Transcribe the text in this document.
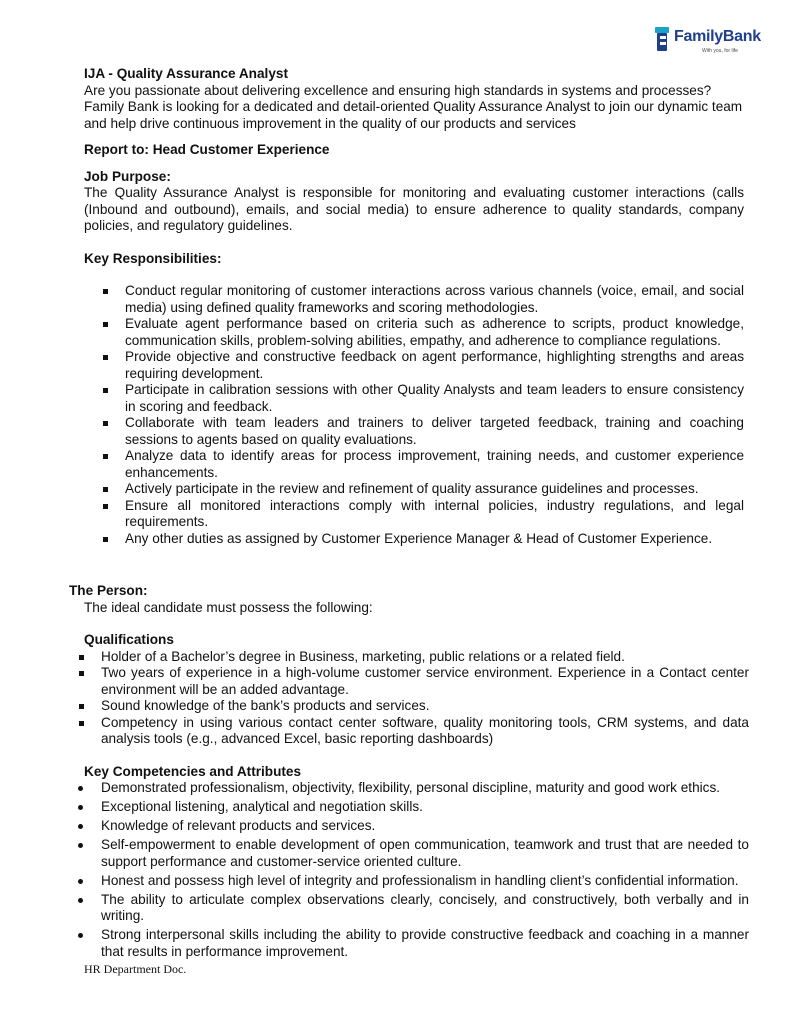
FamilyBank
With you, for life

IJA - Quality Assurance Analyst

Are you passionate about delivering excellence and ensuring high standards in systems and processes? Family Bank is looking for a dedicated and detail-oriented Quality Assurance Analyst to join our dynamic team and help drive continuous improvement in the quality of our products and services

Report to: Head Customer Experience

Job Purpose:

The Quality Assurance Analyst is responsible for monitoring and evaluating customer interactions (calls (Inbound and outbound), emails, and social media) to ensure adherence to quality standards, company policies, and regulatory guidelines.

Key Responsibilities:

Conduct regular monitoring of customer interactions across various channels (voice, email, and social media) using defined quality frameworks and scoring methodologies.
Evaluate agent performance based on criteria such as adherence to scripts, product knowledge, communication skills, problem-solving abilities, empathy, and adherence to compliance regulations.
Provide objective and constructive feedback on agent performance, highlighting strengths and areas requiring development.
Participate in calibration sessions with other Quality Analysts and team leaders to ensure consistency in scoring and feedback.
Collaborate with team leaders and trainers to deliver targeted feedback, training and coaching sessions to agents based on quality evaluations.
Analyze data to identify areas for process improvement, training needs, and customer experience enhancements.
Actively participate in the review and refinement of quality assurance guidelines and processes.
Ensure all monitored interactions comply with internal policies, industry regulations, and legal requirements.
Any other duties as assigned by Customer Experience Manager & Head of Customer Experience.

The Person:

The ideal candidate must possess the following:

Qualifications

Holder of a Bachelor’s degree in Business, marketing, public relations or a related field.
Two years of experience in a high-volume customer service environment. Experience in a Contact center environment will be an added advantage.
Sound knowledge of the bank’s products and services.
Competency in using various contact center software, quality monitoring tools, CRM systems, and data analysis tools (e.g., advanced Excel, basic reporting dashboards)

Key Competencies and Attributes

Demonstrated professionalism, objectivity, flexibility, personal discipline, maturity and good work ethics.
Exceptional listening, analytical and negotiation skills.
Knowledge of relevant products and services.
Self-empowerment to enable development of open communication, teamwork and trust that are needed to support performance and customer-service oriented culture.
Honest and possess high level of integrity and professionalism in handling client’s confidential information.
The ability to articulate complex observations clearly, concisely, and constructively, both verbally and in writing.
Strong interpersonal skills including the ability to provide constructive feedback and coaching in a manner that results in performance improvement.
HR Department Doc.
